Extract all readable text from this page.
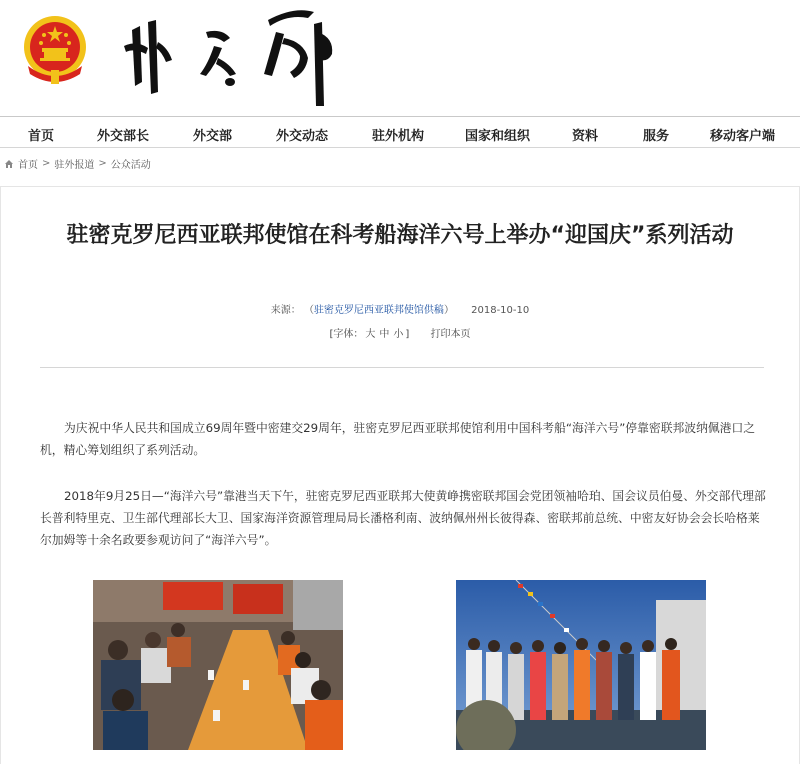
首页	外交部长	外交部	外交动态	驻外机构	国家和组织	资料	服务	移动客户端
首页 > 驻外报道 > 公众活动
驻密克罗尼西亚联邦使馆在科考船海洋六号上举办“迎国庆”系列活动
来源： （驻密克罗尼西亚联邦使馆供稿） 2018-10-10
[字体： 大 中 小 ] 打印本页

为庆祝中华人民共和国成立69周年暨中密建交29周年，驻密克罗尼西亚联邦使馆利用中国科考船“海洋六号”停靠密联邦波纳佩港口之机，精心筹划组织了系列活动。

2018年9月25日—“海洋六号”靠港当天下午，驻密克罗尼西亚联邦大使黄峥携密联邦国会党团领袖哈珀、国会议员伯曼、外交部代理部长普利特里克、卫生部代理部长大卫、国家海洋资源管理局局长潘格利南、波纳佩州州长彼得森、密联邦前总统、中密友好协会会长哈格莱尔加姆等十余名政要参观访问了“海洋六号”。
